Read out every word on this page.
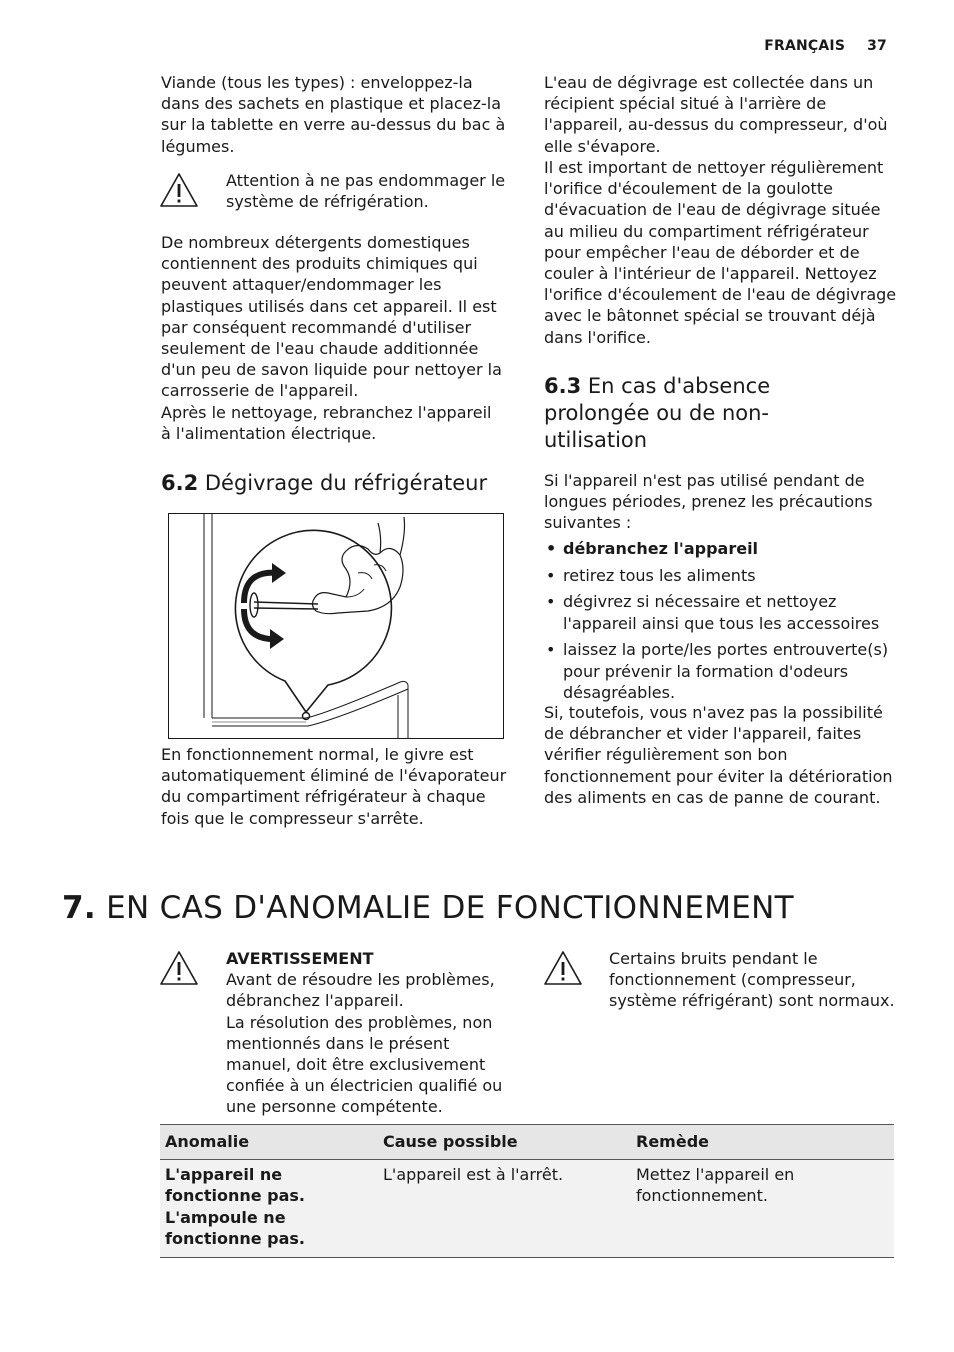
FRANÇAIS 37

Viande (tous les types) : enveloppez-la dans des sachets en plastique et placez-la sur la tablette en verre au-dessus du bac à légumes.

Attention à ne pas endommager le système de réfrigération.

De nombreux détergents domestiques contiennent des produits chimiques qui peuvent attaquer/endommager les plastiques utilisés dans cet appareil. Il est par conséquent recommandé d'utiliser seulement de l'eau chaude additionnée d'un peu de savon liquide pour nettoyer la carrosserie de l'appareil.

Après le nettoyage, rebranchez l'appareil à l'alimentation électrique.

6.2 Dégivrage du réfrigérateur

En fonctionnement normal, le givre est automatiquement éliminé de l'évaporateur du compartiment réfrigérateur à chaque fois que le compresseur s'arrête.

L'eau de dégivrage est collectée dans un récipient spécial situé à l'arrière de l'appareil, au-dessus du compresseur, d'où elle s'évapore.

Il est important de nettoyer régulièrement l'orifice d'écoulement de la goulotte d'évacuation de l'eau de dégivrage située au milieu du compartiment réfrigérateur pour empêcher l'eau de déborder et de couler à l'intérieur de l'appareil. Nettoyez l'orifice d'écoulement de l'eau de dégivrage avec le bâtonnet spécial se trouvant déjà dans l'orifice.

6.3 En cas d'absence prolongée ou de non-utilisation

Si l'appareil n'est pas utilisé pendant de longues périodes, prenez les précautions suivantes :

• débranchez l'appareil
• retirez tous les aliments
• dégivrez si nécessaire et nettoyez l'appareil ainsi que tous les accessoires
• laissez la porte/les portes entrouverte(s) pour prévenir la formation d'odeurs désagréables.

Si, toutefois, vous n'avez pas la possibilité de débrancher et vider l'appareil, faites vérifier régulièrement son bon fonctionnement pour éviter la détérioration des aliments en cas de panne de courant.

7. EN CAS D'ANOMALIE DE FONCTIONNEMENT

AVERTISSEMENT

Avant de résoudre les problèmes, débranchez l'appareil.

La résolution des problèmes, non mentionnés dans le présent manuel, doit être exclusivement confiée à un électricien qualifié ou une personne compétente.

Certains bruits pendant le fonctionnement (compresseur, système réfrigérant) sont normaux.

Anomalie	Cause possible	Remède
L'appareil ne fonctionne pas. L'ampoule ne fonctionne pas.	L'appareil est à l'arrêt.	Mettez l'appareil en fonctionnement.
